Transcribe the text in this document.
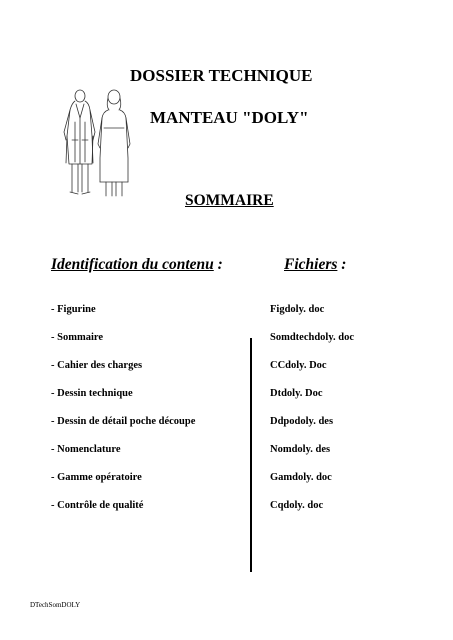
DOSSIER TECHNIQUE
MANTEAU "DOLY"
SOMMAIRE
Identification du contenu :	Fichiers :
- Figurine	Figdoly. doc
- Sommaire	Somdtechdoly. doc
- Cahier des charges	CCdoly. Doc
- Dessin technique	Dtdoly. Doc
- Dessin de détail poche découpe	Ddpodoly. des
- Nomenclature	Nomdoly. des
- Gamme opératoire	Gamdoly. doc
- Contrôle de qualité	Cqdoly. doc
DTechSomDOLY
